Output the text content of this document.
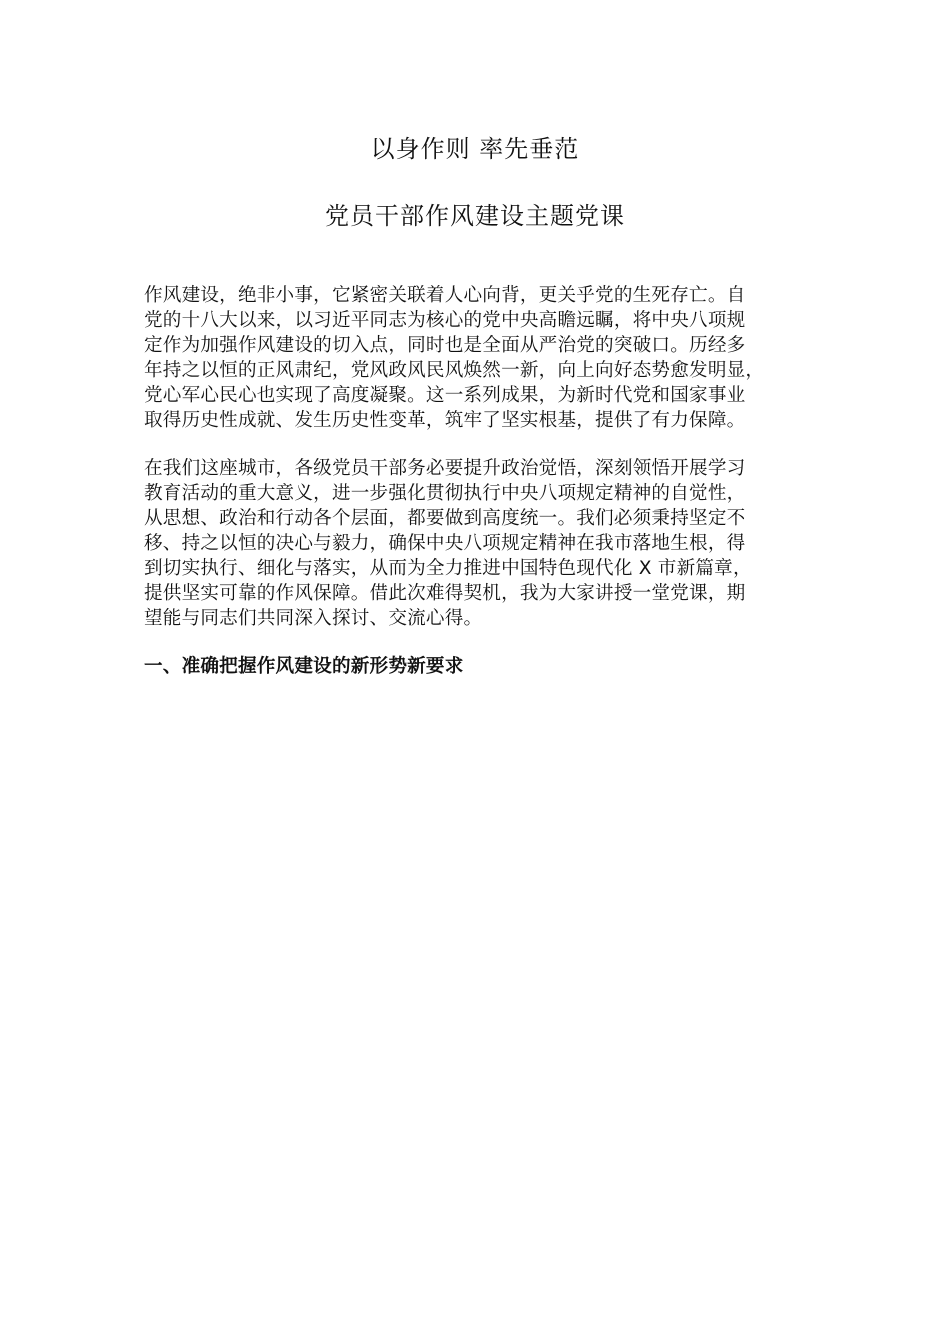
以身作则 率先垂范
党员干部作风建设主题党课

作风建设，绝非小事，它紧密关联着人心向背，更关乎党的生死存亡。自
党的十八大以来，以习近平同志为核心的党中央高瞻远瞩，将中央八项规
定作为加强作风建设的切入点，同时也是全面从严治党的突破口。历经多
年持之以恒的正风肃纪，党风政风民风焕然一新，向上向好态势愈发明显，
党心军心民心也实现了高度凝聚。这一系列成果，为新时代党和国家事业
取得历史性成就、发生历史性变革，筑牢了坚实根基，提供了有力保障。

在我们这座城市，各级党员干部务必要提升政治觉悟，深刻领悟开展学习
教育活动的重大意义，进一步强化贯彻执行中央八项规定精神的自觉性，
从思想、政治和行动各个层面，都要做到高度统一。我们必须秉持坚定不
移、持之以恒的决心与毅力，确保中央八项规定精神在我市落地生根，得
到切实执行、细化与落实，从而为全力推进中国特色现代化 X 市新篇章，
提供坚实可靠的作风保障。借此次难得契机，我为大家讲授一堂党课，期
望能与同志们共同深入探讨、交流心得。

一、准确把握作风建设的新形势新要求
